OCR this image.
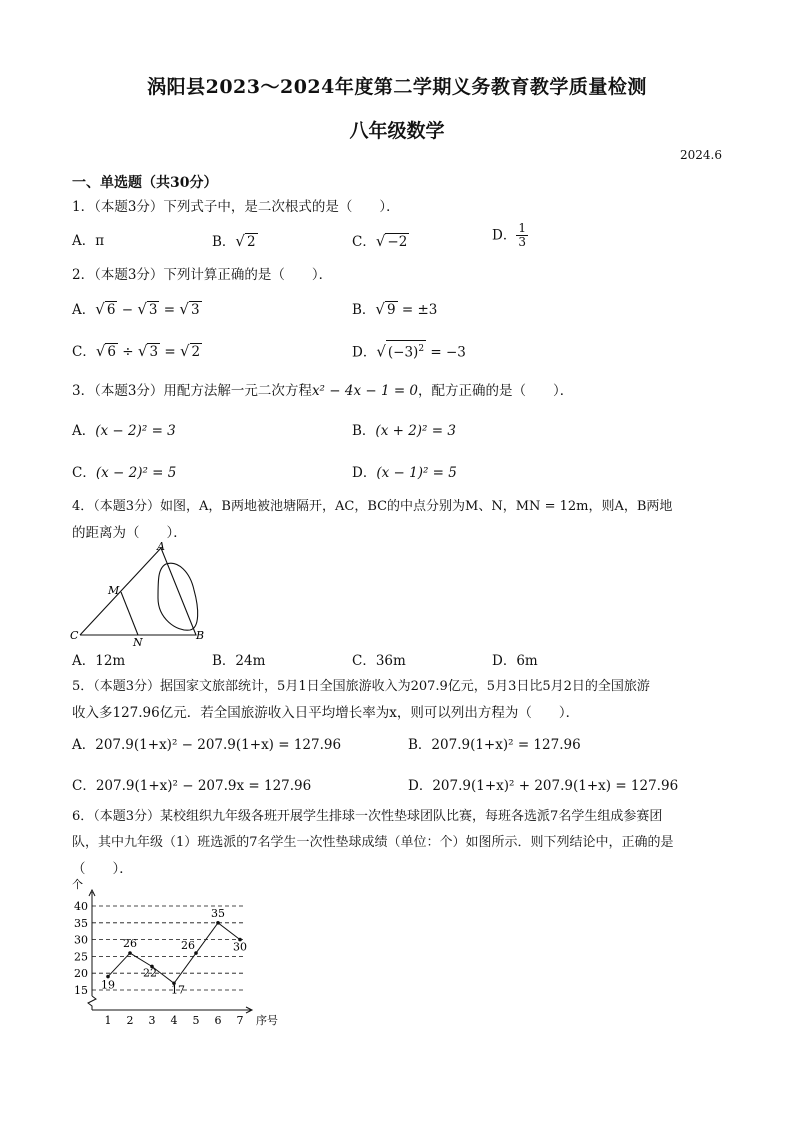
涡阳县2023～2024年度第二学期义务教育教学质量检测
八年级数学
2024.6
一、单选题（共30分）
1．（本题3分）下列式子中，是二次根式的是（　　）．
A．π	B．√ 2	C．√ −2	D． $\frac{1}{3}$
2．（本题3分）下列计算正确的是（　　）．
A．√ 6 − √ 3 = √ 3	B．√ 9 = ±3
C．√ 6 ÷ √ 3 = √ 2	D．√ $(-3)^2 = -3$
3．（本题3分）用配方法解一元二次方程x² − 4x − 1 = 0，配方正确的是（　　）．
A．(x − 2)² = 3	B．(x + 2)² = 3
C．(x − 2)² = 5	D．(x − 1)² = 5
4．（本题3分）如图，A，B两地被池塘隔开，AC，BC的中点分别为M、N，MN = 12m，则A，B两地
的距离为（　　）．
A
M
C
N
B
A．12m	B．24m	C．36m	D．6m
5．（本题3分）据国家文旅部统计，5月1日全国旅游收入为207.9亿元，5月3日比5月2日的全国旅游
收入多127.96亿元．若全国旅游收入日平均增长率为x，则可以列出方程为（　　）．
A．207.9(1+x)² − 207.9(1+x) = 127.96	B．207.9(1+x)² = 127.96
C．207.9(1+x)² − 207.9x = 127.96	D．207.9(1+x)² + 207.9(1+x) = 127.96
6．（本题3分）某校组织九年级各班开展学生排球一次性垫球团队比赛，每班各选派7名学生组成参赛团
队，其中九年级（1）班选派的7名学生一次性垫球成绩（单位：个）如图所示．则下列结论中，正确的是
（　　）．
个
序号
15
20
25
30
35
40
1 2 3 4 5 6 7
19
26
22
17
26
35
30
